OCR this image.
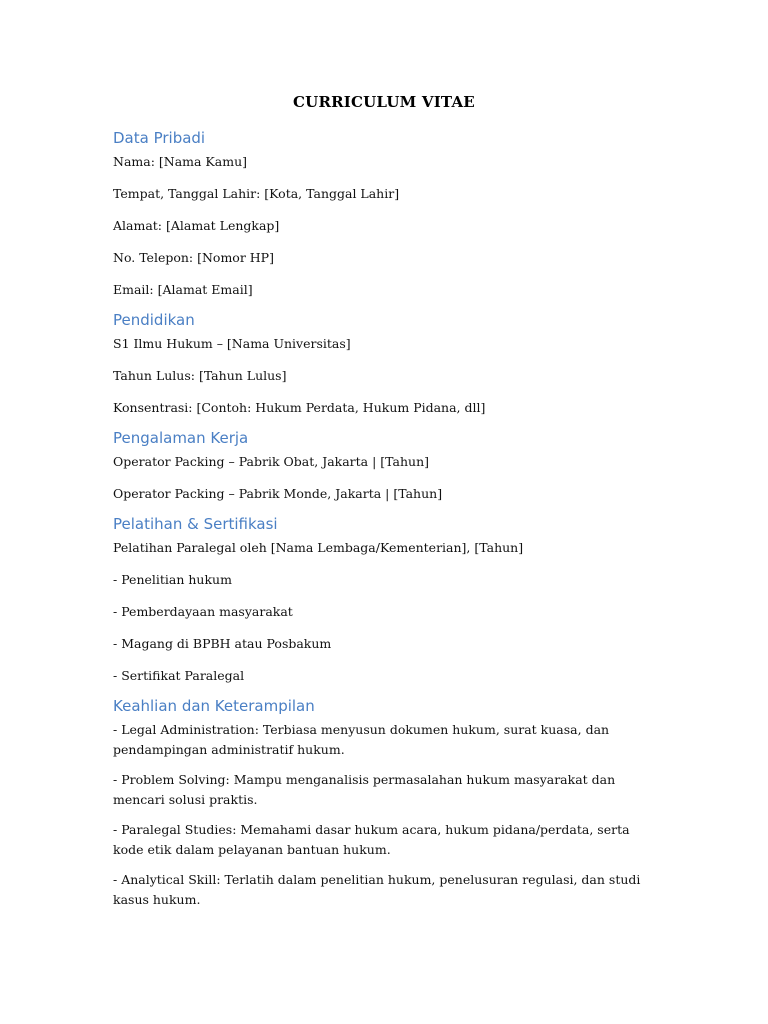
CURRICULUM VITAE
Data Pribadi
Nama: [Nama Kamu]
Tempat, Tanggal Lahir: [Kota, Tanggal Lahir]
Alamat: [Alamat Lengkap]
No. Telepon: [Nomor HP]
Email: [Alamat Email]
Pendidikan
S1 Ilmu Hukum – [Nama Universitas]
Tahun Lulus: [Tahun Lulus]
Konsentrasi: [Contoh: Hukum Perdata, Hukum Pidana, dll]
Pengalaman Kerja
Operator Packing – Pabrik Obat, Jakarta | [Tahun]
Operator Packing – Pabrik Monde, Jakarta | [Tahun]
Pelatihan & Sertifikasi
Pelatihan Paralegal oleh [Nama Lembaga/Kementerian], [Tahun]
- Penelitian hukum
- Pemberdayaan masyarakat
- Magang di BPBH atau Posbakum
- Sertifikat Paralegal
Keahlian dan Keterampilan
- Legal Administration: Terbiasa menyusun dokumen hukum, surat kuasa, dan pendampingan administratif hukum.
- Problem Solving: Mampu menganalisis permasalahan hukum masyarakat dan mencari solusi praktis.
- Paralegal Studies: Memahami dasar hukum acara, hukum pidana/perdata, serta kode etik dalam pelayanan bantuan hukum.
- Analytical Skill: Terlatih dalam penelitian hukum, penelusuran regulasi, dan studi kasus hukum.
